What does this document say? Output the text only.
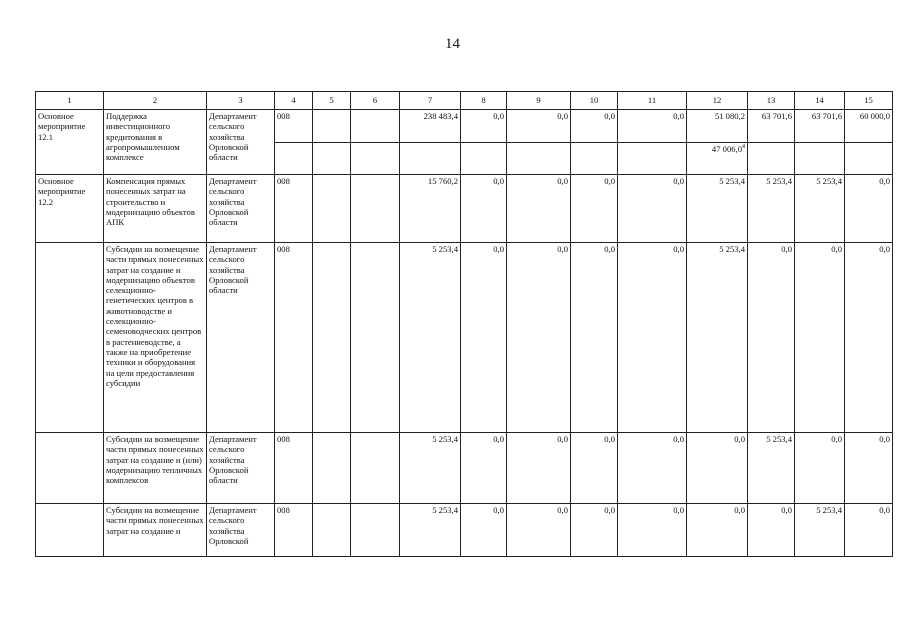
14
1	2	3	4	5	6	7	8	9	10	11	12	13	14	15
Основное мероприятие 12.1	Поддержка инвестиционного кредитования в агропромышленном комплексе	Департамент сельского хозяйства Орловской области	008			238 483,4	0,0	0,0	0,0	0,0	51 080,2	63 701,6	63 701,6	60 000,0
											47 006,0$^4$			
Основное мероприятие 12.2	Компенсация прямых понесенных затрат на строительство и модернизацию объектов АПК	Департамент сельского хозяйства Орловской области	008			15 760,2	0,0	0,0	0,0	0,0	5 253,4	5 253,4	5 253,4	0,0
	Субсидии на возмещение части прямых понесенных затрат на создание и модернизацию объектов селекционно-генетических центров в животноводстве и селекционно-семеноводческих центров в растениеводстве, а также на приобретение техники и оборудования на цели предоставления субсидии	Департамент сельского хозяйства Орловской области	008			5 253,4	0,0	0,0	0,0	0,0	5 253,4	0,0	0,0	0,0
	Субсидии на возмещение части прямых понесенных затрат на создание и (или) модернизацию тепличных комплексов	Департамент сельского хозяйства Орловской области	008			5 253,4	0,0	0,0	0,0	0,0	0,0	5 253,4	0,0	0,0
	Субсидии на возмещение части прямых понесенных затрат на создание и	Департамент сельского хозяйства Орловской	008			5 253,4	0,0	0,0	0,0	0,0	0,0	0,0	5 253,4	0,0
